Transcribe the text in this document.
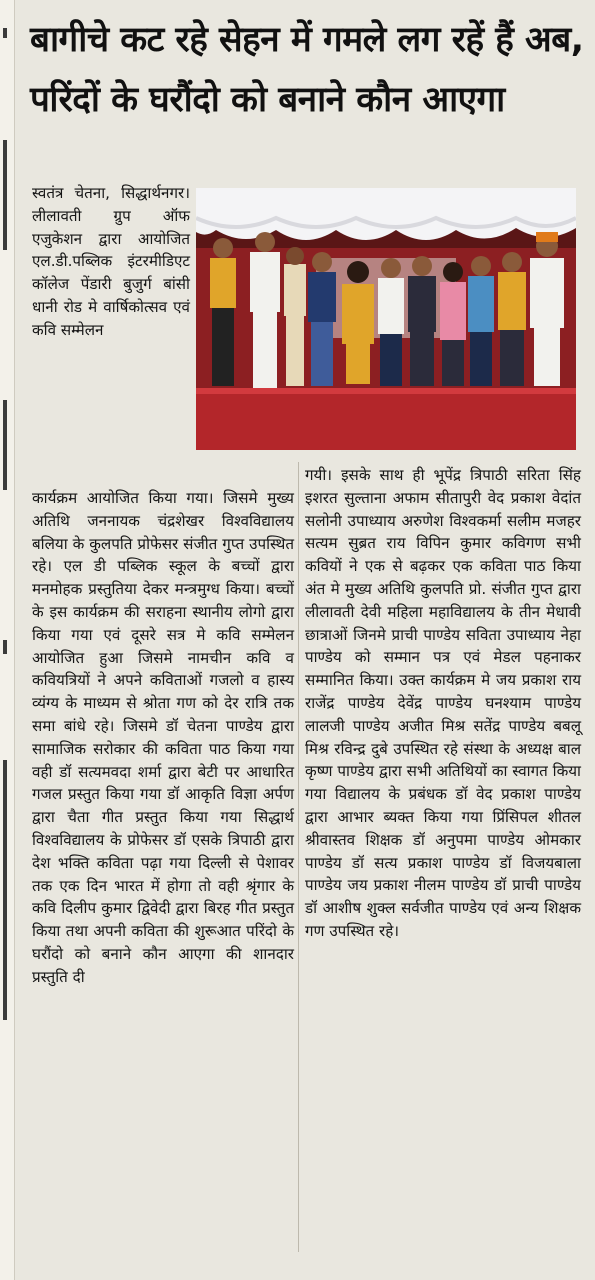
बागीचे कट रहे सेहन में गमले लग रहें हैं अब, परिंदों के घरौंदो को बनाने कौन आएगा

स्वतंत्र चेतना, सिद्धार्थनगर। लीलावती ग्रुप ऑफ एजुकेशन द्वारा आयोजित एल.डी.पब्लिक इंटरमीडिएट कॉलेज पेंडारी बुजुर्ग बांसी धानी रोड मे वार्षिकोत्सव एवं कवि सम्मेलन

कार्यक्रम आयोजित किया गया। जिसमे मुख्य अतिथि जननायक चंद्रशेखर विश्वविद्यालय बलिया के कुलपति प्रोफेसर संजीत गुप्त उपस्थित रहे। एल डी पब्लिक स्कूल के बच्चों द्वारा मनमोहक प्रस्तुतिया देकर मन्त्रमुग्ध किया। बच्चों के इस कार्यक्रम की सराहना स्थानीय लोगो द्वारा किया गया एवं दूसरे सत्र मे कवि सम्मेलन आयोजित हुआ जिसमे नामचीन कवि व कवियत्रियों ने अपने कविताओं गजलो व हास्य व्यंग्य के माध्यम से श्रोता गण को देर रात्रि तक समा बांधे रहे। जिसमे डॉ चेतना पाण्डेय द्वारा सामाजिक सरोकार की कविता पाठ किया गया वही डॉ सत्यमवदा शर्मा द्वारा बेटी पर आधारित गजल प्रस्तुत किया गया डॉ आकृति विज्ञा अर्पण द्वारा चैता गीत प्रस्तुत किया गया सिद्धार्थ विश्वविद्यालय के प्रोफेसर डॉ एसके त्रिपाठी द्वारा देश भक्ति कविता पढ़ा गया दिल्ली से पेशावर तक एक दिन भारत में होगा तो वही श्रृंगार के कवि दिलीप कुमार द्विवेदी द्वारा बिरह गीत प्रस्तुत किया तथा अपनी कविता की शुरूआत परिंदो के घरौंदो को बनाने कौन आएगा की शानदार प्रस्तुति दी

गयी। इसके साथ ही भूपेंद्र त्रिपाठी सरिता सिंह इशरत सुल्ताना अफाम सीतापुरी वेद प्रकाश वेदांत सलोनी उपाध्याय अरुणेश विश्वकर्मा सलीम मजहर सत्यम सुब्रत राय विपिन कुमार कविगण सभी कवियों ने एक से बढ़कर एक कविता पाठ किया अंत मे मुख्य अतिथि कुलपति प्रो. संजीत गुप्त द्वारा लीलावती देवी महिला महाविद्यालय के तीन मेधावी छात्राओं जिनमे प्राची पाण्डेय सविता उपाध्याय नेहा पाण्डेय को सम्मान पत्र एवं मेडल पहनाकर सम्मानित किया। उक्त कार्यक्रम मे जय प्रकाश राय राजेंद्र पाण्डेय देवेंद्र पाण्डेय घनश्याम पाण्डेय लालजी पाण्डेय अजीत मिश्र सतेंद्र पाण्डेय बबलू मिश्र रविन्द्र दुबे उपस्थित रहे संस्था के अध्यक्ष बाल कृष्ण पाण्डेय द्वारा सभी अतिथियों का स्वागत किया गया विद्यालय के प्रबंधक डॉ वेद प्रकाश पाण्डेय द्वारा आभार ब्यक्त किया गया प्रिंसिपल शीतल श्रीवास्तव शिक्षक डॉ अनुपमा पाण्डेय ओमकार पाण्डेय डॉ सत्य प्रकाश पाण्डेय डॉ विजयबाला पाण्डेय जय प्रकाश नीलम पाण्डेय डॉ प्राची पाण्डेय डॉ आशीष शुक्ल सर्वजीत पाण्डेय एवं अन्य शिक्षक गण उपस्थित रहे।
